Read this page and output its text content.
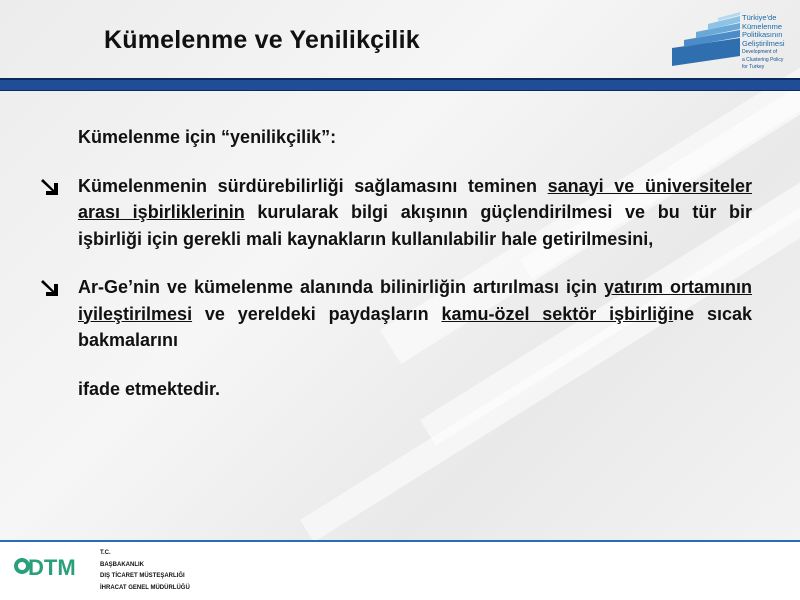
Kümelenme ve Yenilikçilik
Türkiye'de
Kümelenme
Politikasının
Geliştirilmesi
Development of
a Clustering Policy
for Turkey

Kümelenme için “yenilikçilik”:

Kümelenmenin sürdürebilirliği sağlamasını teminen sanayi ve üniversiteler arası işbirliklerinin kurularak bilgi akışının güçlendirilmesi ve bu tür bir işbirliği için gerekli mali kaynakların kullanılabilir hale getirilmesini,

Ar-Ge’nin ve kümelenme alanında bilinirliğin artırılması için yatırım ortamının iyileştirilmesi ve yereldeki paydaşların kamu-özel sektör işbirliğine sıcak bakmalarını

ifade etmektedir.

DTM
T.C.
BAŞBAKANLIK
DIŞ TİCARET MÜSTEŞARLIĞI
İHRACAT GENEL MÜDÜRLÜĞÜ
